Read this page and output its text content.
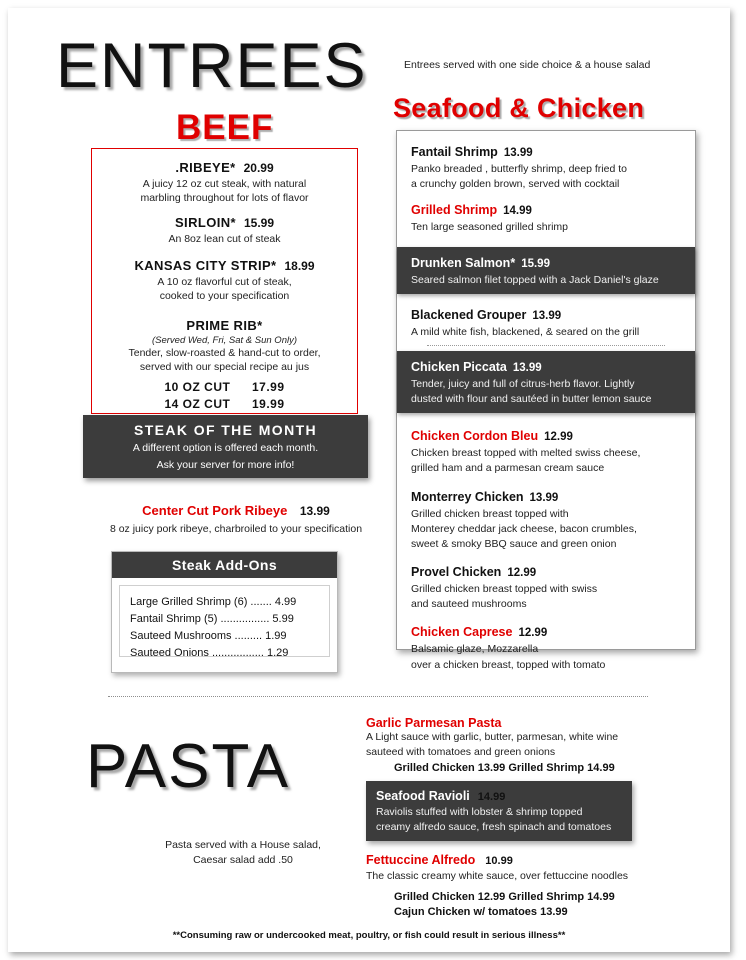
ENTREES	Entrees served with one side choice & a house salad
BEEF
.RIBEYE* 20.99
A juicy 12 oz cut steak, with natural
marbling throughout for lots of flavor
SIRLOIN* 15.99
An 8oz lean cut of steak
KANSAS CITY STRIP* 18.99
A 10 oz flavorful cut of steak,
cooked to your specification
PRIME RIB*
(Served Wed, Fri, Sat & Sun Only)
Tender, slow-roasted & hand-cut to order,
served with our special recipe au jus
10 OZ CUT 17.99
14 OZ CUT 19.99
STEAK OF THE MONTH
A different option is offered each month.
Ask your server for more info!
Center Cut Pork Ribeye 13.99
8 oz juicy pork ribeye, charbroiled to your specification
Steak Add-Ons
Large Grilled Shrimp (6) ....... 4.99
Fantail Shrimp (5) ................ 5.99
Sauteed Mushrooms ......... 1.99
Sauteed Onions ................. 1.29
Seafood & Chicken
Fantail Shrimp 13.99
Panko breaded , butterfly shrimp, deep fried to
a crunchy golden brown, served with cocktail
Grilled Shrimp 14.99
Ten large seasoned grilled shrimp
Drunken Salmon* 15.99
Seared salmon filet topped with a Jack Daniel's glaze
Blackened Grouper 13.99
A mild white fish, blackened, & seared on the grill
Chicken Piccata 13.99
Tender, juicy and full of citrus-herb flavor. Lightly
dusted with flour and sautéed in butter lemon sauce
Chicken Cordon Bleu 12.99
Chicken breast topped with melted swiss cheese,
grilled ham and a parmesan cream sauce
Monterrey Chicken 13.99
Grilled chicken breast topped with
Monterey cheddar jack cheese, bacon crumbles,
sweet & smoky BBQ sauce and green onion
Provel Chicken 12.99
Grilled chicken breast topped with swiss
and sauteed mushrooms
Chicken Caprese 12.99
Balsamic glaze, Mozzarella
over a chicken breast, topped with tomato
PASTA
Pasta served with a House salad,
Caesar salad add .50
Garlic Parmesan Pasta
A Light sauce with garlic, butter, parmesan, white wine
sauteed with tomatoes and green onions
Grilled Chicken 13.99 Grilled Shrimp 14.99
Seafood Ravioli 14.99
Raviolis stuffed with lobster & shrimp topped
creamy alfredo sauce, fresh spinach and tomatoes
Fettuccine Alfredo 10.99
The classic creamy white sauce, over fettuccine noodles
Grilled Chicken 12.99 Grilled Shrimp 14.99
Cajun Chicken w/ tomatoes 13.99
**Consuming raw or undercooked meat, poultry, or fish could result in serious illness**
